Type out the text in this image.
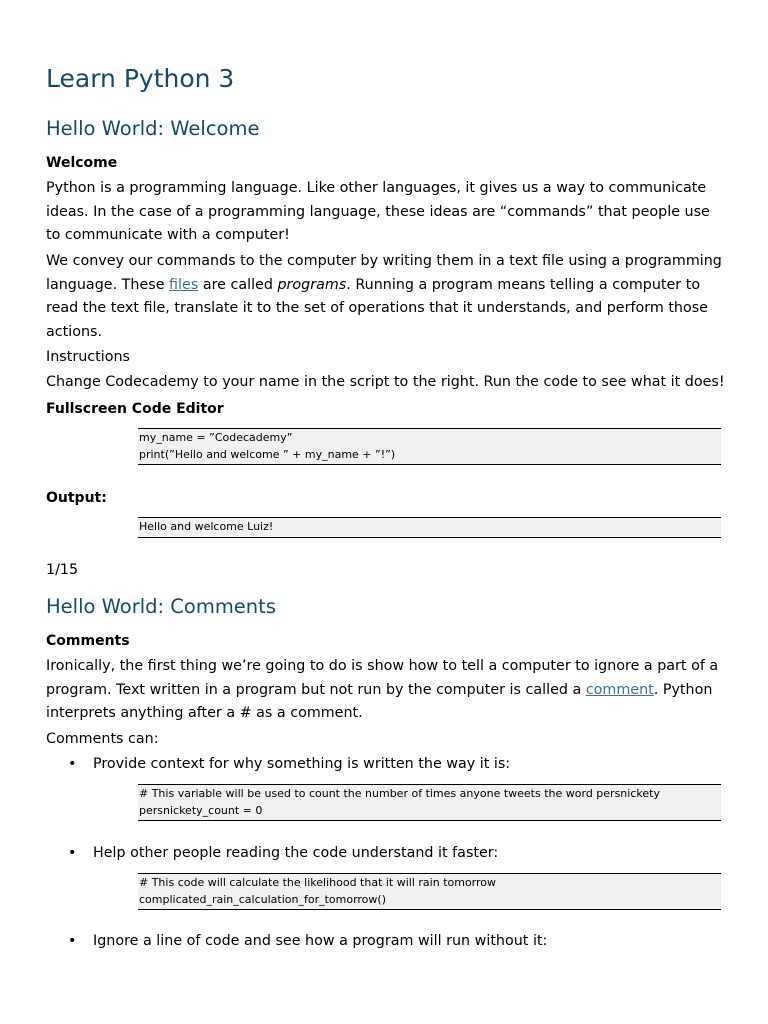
Learn Python 3
Hello World: Welcome

Welcome

Python is a programming language. Like other languages, it gives us a way to communicate ideas. In the case of a programming language, these ideas are “commands” that people use to communicate with a computer!

We convey our commands to the computer by writing them in a text file using a programming language. These files are called programs. Running a program means telling a computer to read the text file, translate it to the set of operations that it understands, and perform those actions.

Instructions

Change Codecademy to your name in the script to the right. Run the code to see what it does!

Fullscreen Code Editor

my_name = ”Codecademy”
print(”Hello and welcome ” + my_name + ”!”)

Output:

Hello and welcome Luiz!

1/15

Hello World: Comments

Comments

Ironically, the first thing we’re going to do is show how to tell a computer to ignore a part of a program. Text written in a program but not run by the computer is called a comment. Python interprets anything after a # as a comment.

Comments can:

• Provide context for why something is written the way it is:
# This variable will be used to count the number of times anyone tweets the word persnickety
persnickety_count = 0
• Help other people reading the code understand it faster:
# This code will calculate the likelihood that it will rain tomorrow
complicated_rain_calculation_for_tomorrow()
• Ignore a line of code and see how a program will run without it:
